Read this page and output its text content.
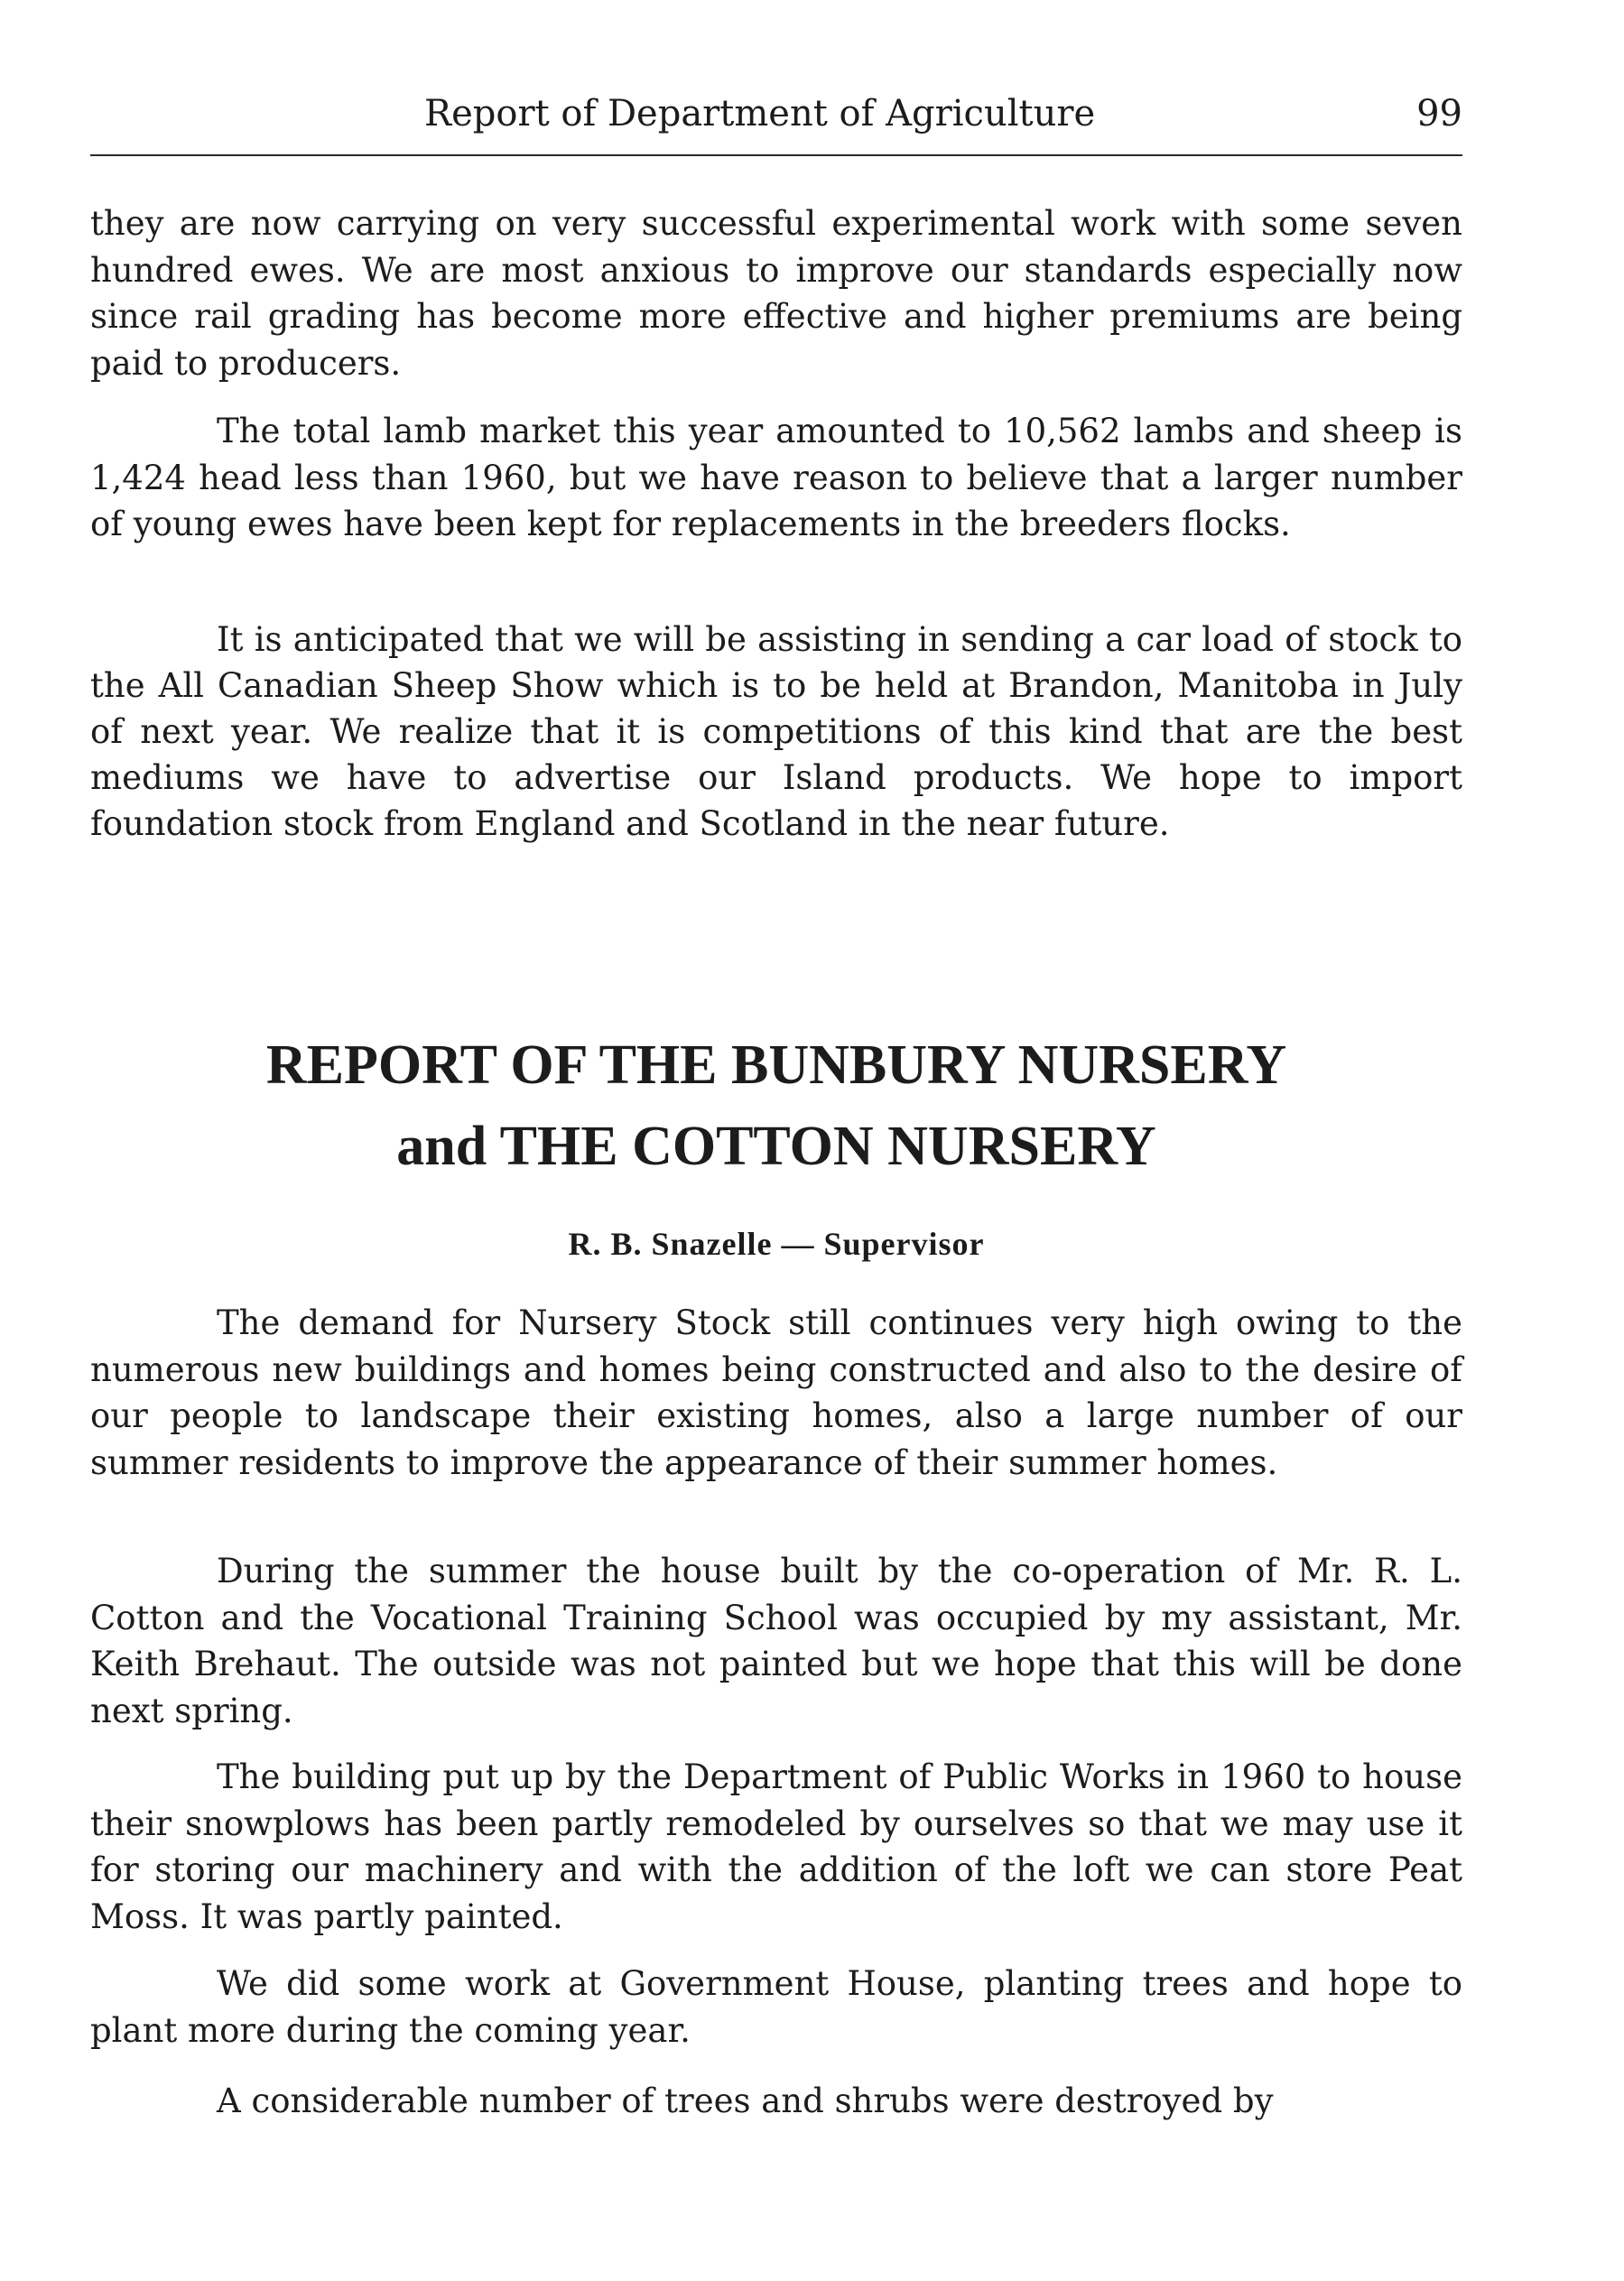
Report of Department of Agriculture	99

they are now carrying on very successful experimental work with some seven hundred ewes. We are most anxious to improve our standards especially now since rail grading has become more effective and higher premiums are being paid to producers.

The total lamb market this year amounted to 10,562 lambs and sheep is 1,424 head less than 1960, but we have reason to believe that a larger number of young ewes have been kept for replacements in the breeders flocks.

It is anticipated that we will be assisting in sending a car load of stock to the All Canadian Sheep Show which is to be held at Brandon, Manitoba in July of next year. We realize that it is competitions of this kind that are the best mediums we have to advertise our Island products. We hope to import foundation stock from England and Scotland in the near future.

REPORT OF THE BUNBURY NURSERY
and THE COTTON NURSERY

R. B. Snazelle — Supervisor

The demand for Nursery Stock still continues very high owing to the numerous new buildings and homes being constructed and also to the desire of our people to landscape their existing homes, also a large number of our summer residents to improve the appearance of their summer homes.

During the summer the house built by the co-operation of Mr. R. L. Cotton and the Vocational Training School was occupied by my assistant, Mr. Keith Brehaut. The outside was not painted but we hope that this will be done next spring.

The building put up by the Department of Public Works in 1960 to house their snowplows has been partly remodeled by ourselves so that we may use it for storing our machinery and with the addition of the loft we can store Peat Moss. It was partly painted.

We did some work at Government House, planting trees and hope to plant more during the coming year.

A considerable number of trees and shrubs were destroyed by
